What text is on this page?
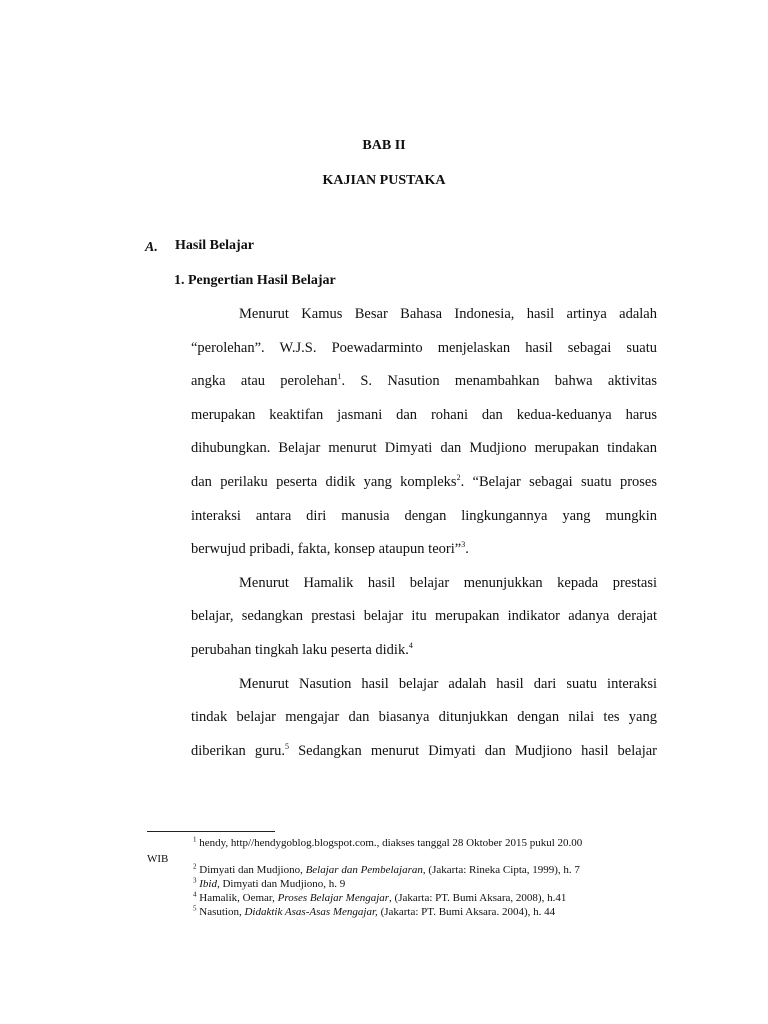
BAB II
KAJIAN PUSTAKA
A. Hasil Belajar
1. Pengertian Hasil Belajar
Menurut Kamus Besar Bahasa Indonesia, hasil artinya adalah
“perolehan”. W.J.S. Poewadarminto menjelaskan hasil sebagai suatu
angka atau perolehan$^1$. S. Nasution menambahkan bahwa aktivitas
merupakan keaktifan jasmani dan rohani dan kedua-keduanya harus
dihubungkan. Belajar menurut Dimyati dan Mudjiono merupakan tindakan
dan perilaku peserta didik yang kompleks$^2$. “Belajar sebagai suatu proses
interaksi antara diri manusia dengan lingkungannya yang mungkin
berwujud pribadi, fakta, konsep ataupun teori”$^3$.
Menurut Hamalik hasil belajar menunjukkan kepada prestasi
belajar, sedangkan prestasi belajar itu merupakan indikator adanya derajat
perubahan tingkah laku peserta didik.$^4$
Menurut Nasution hasil belajar adalah hasil dari suatu interaksi
tindak belajar mengajar dan biasanya ditunjukkan dengan nilai tes yang
diberikan guru.$^5$ Sedangkan menurut Dimyati dan Mudjiono hasil belajar
$^1$ hendy, http//hendygoblog.blogspot.com., diakses tanggal 28 Oktober 2015 pukul 20.00
WIB
$^2$ Dimyati dan Mudjiono, Belajar dan Pembelajaran, (Jakarta: Rineka Cipta, 1999), h. 7
$^3$ Ibid, Dimyati dan Mudjiono, h. 9
$^4$ Hamalik, Oemar, Proses Belajar Mengajar, (Jakarta: PT. Bumi Aksara, 2008), h.41
$^5$ Nasution, Didaktik Asas-Asas Mengajar, (Jakarta: PT. Bumi Aksara. 2004), h. 44
